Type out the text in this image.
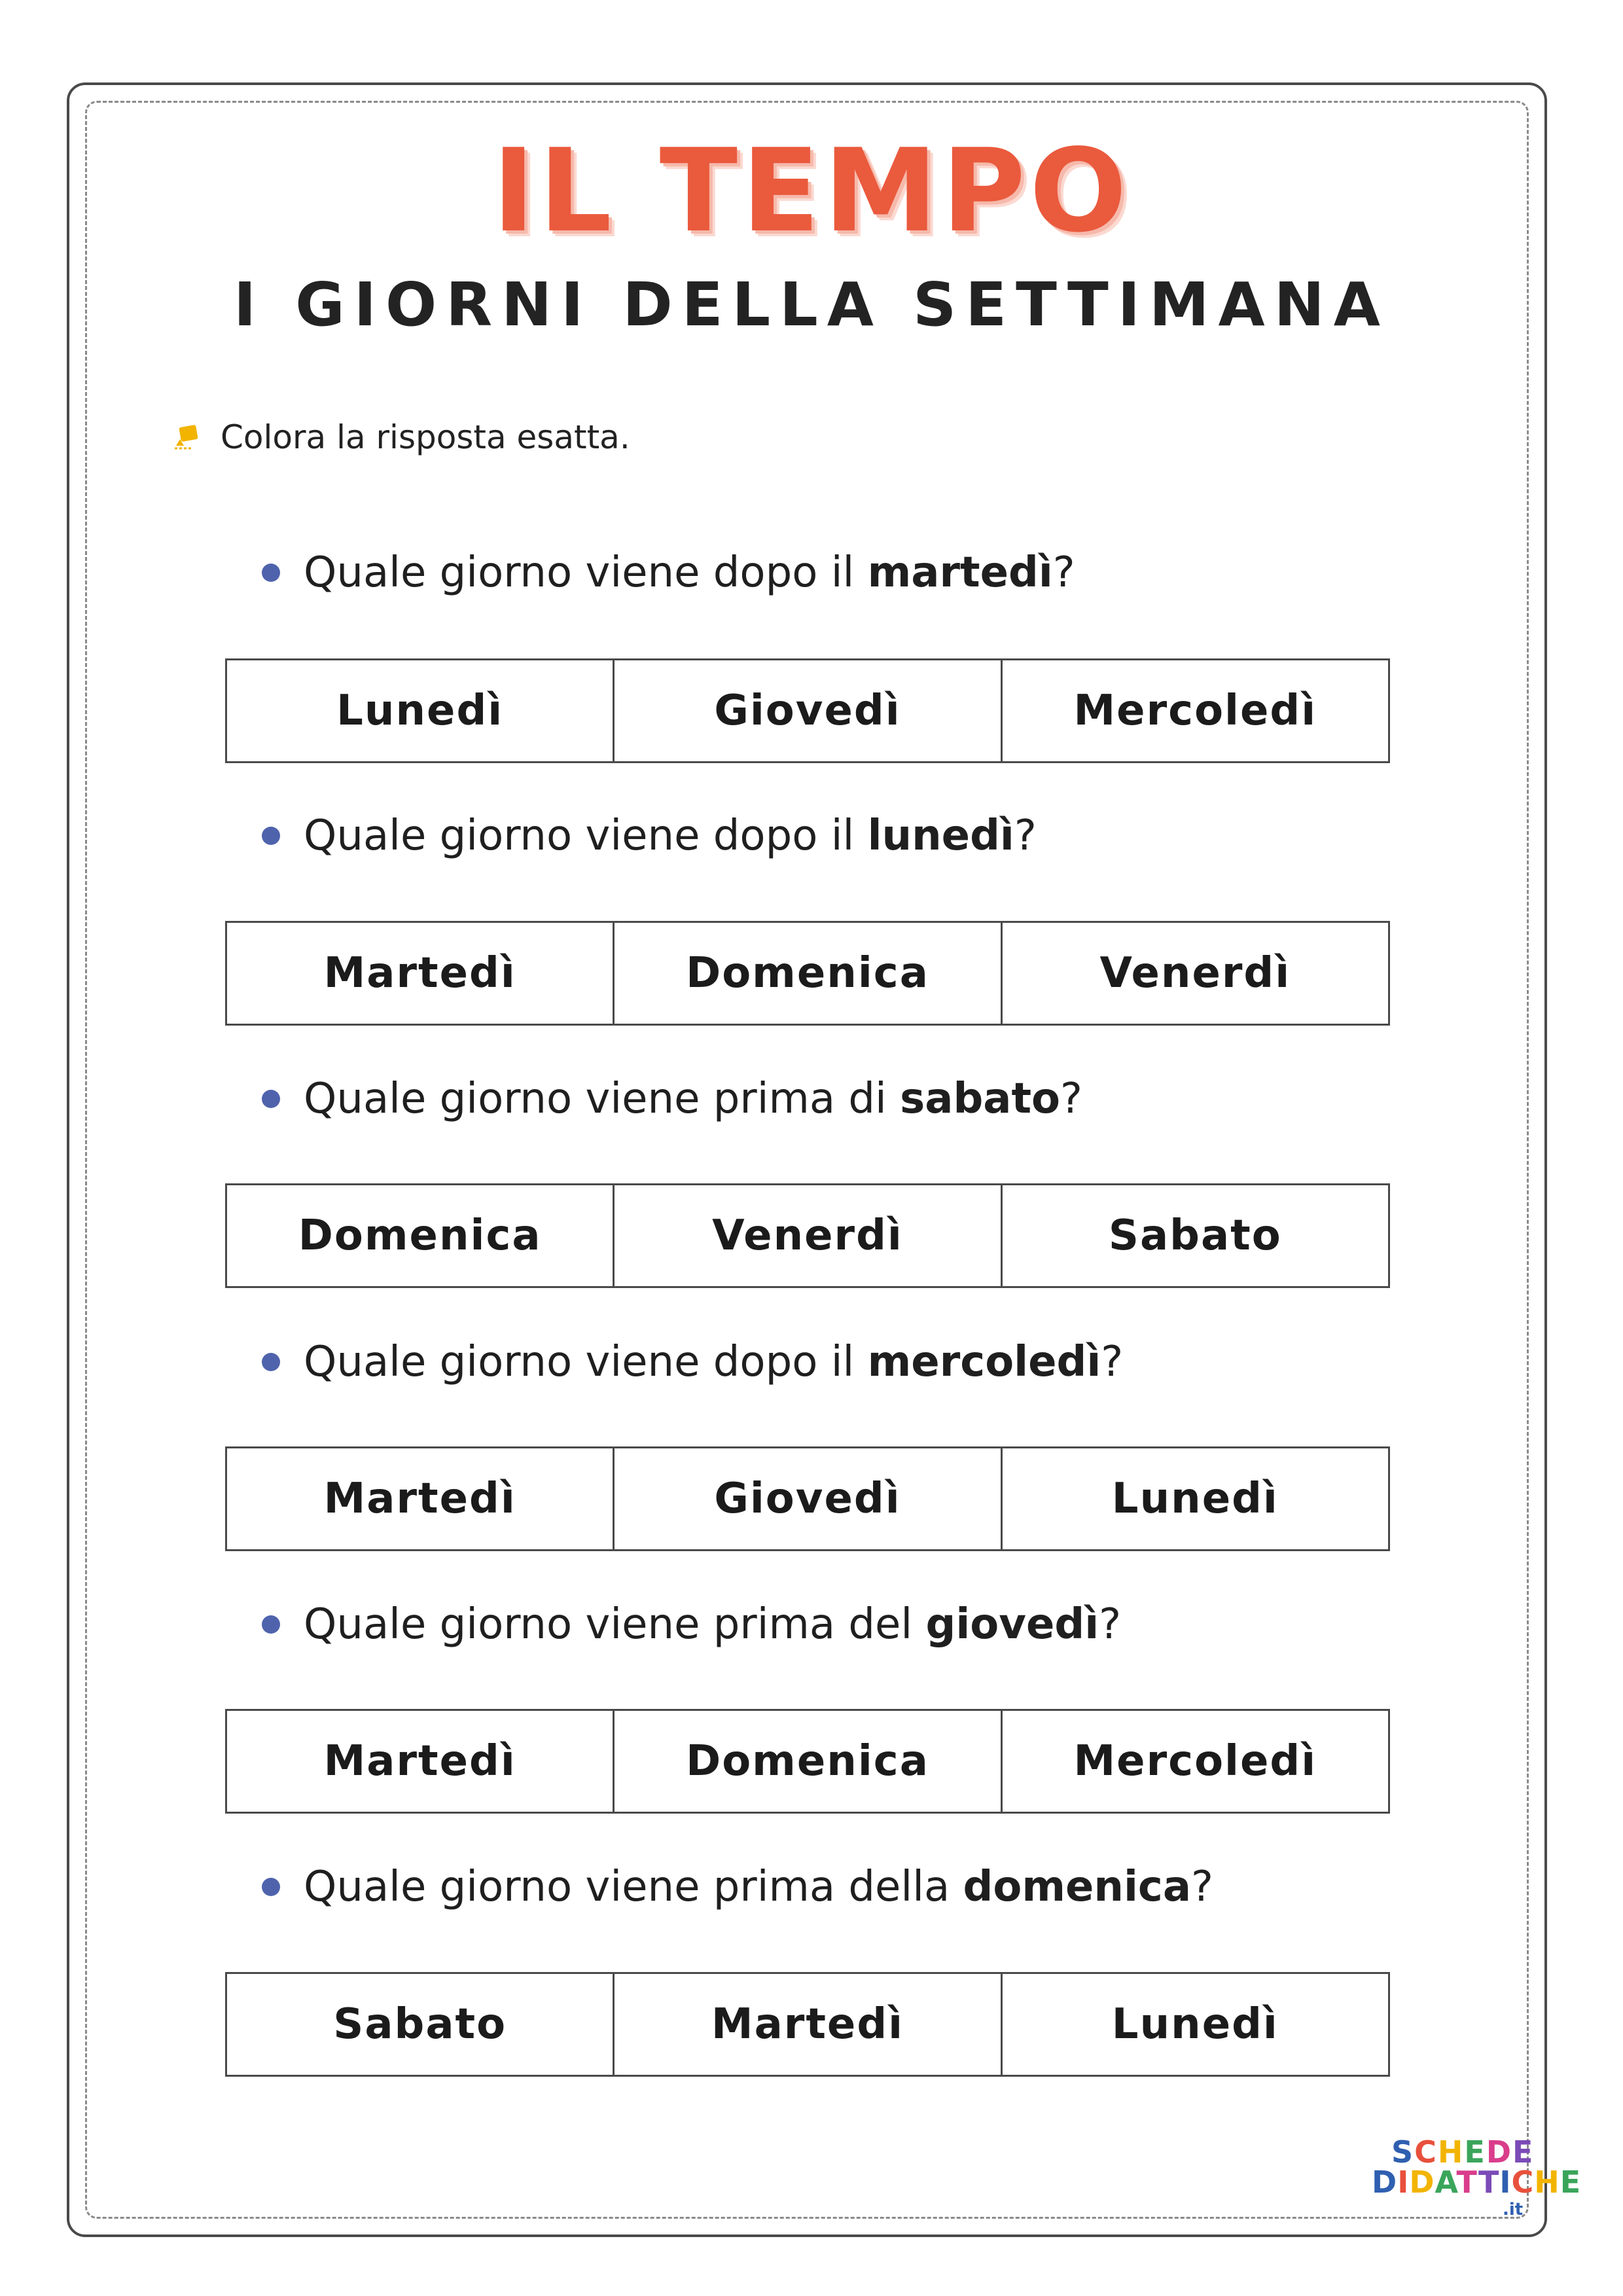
IL TEMPO
I GIORNI DELLA SETTIMANA
Colora la risposta esatta.
Quale giorno viene dopo il
martedì ?
Lunedì	Giovedì	Mercoledì
Quale giorno viene dopo il
lunedì ?
Martedì	Domenica	Venerdì
Quale giorno viene prima di
sabato ?
Domenica	Venerdì	Sabato
Quale giorno viene dopo il
mercoledì ?
Martedì	Giovedì	Lunedì
Quale giorno viene prima del
giovedì ?
Martedì	Domenica	Mercoledì
Quale giorno viene prima della
domenica ?
Sabato	Martedì	Lunedì
SCHEDE
DIDATTICHE
.it
